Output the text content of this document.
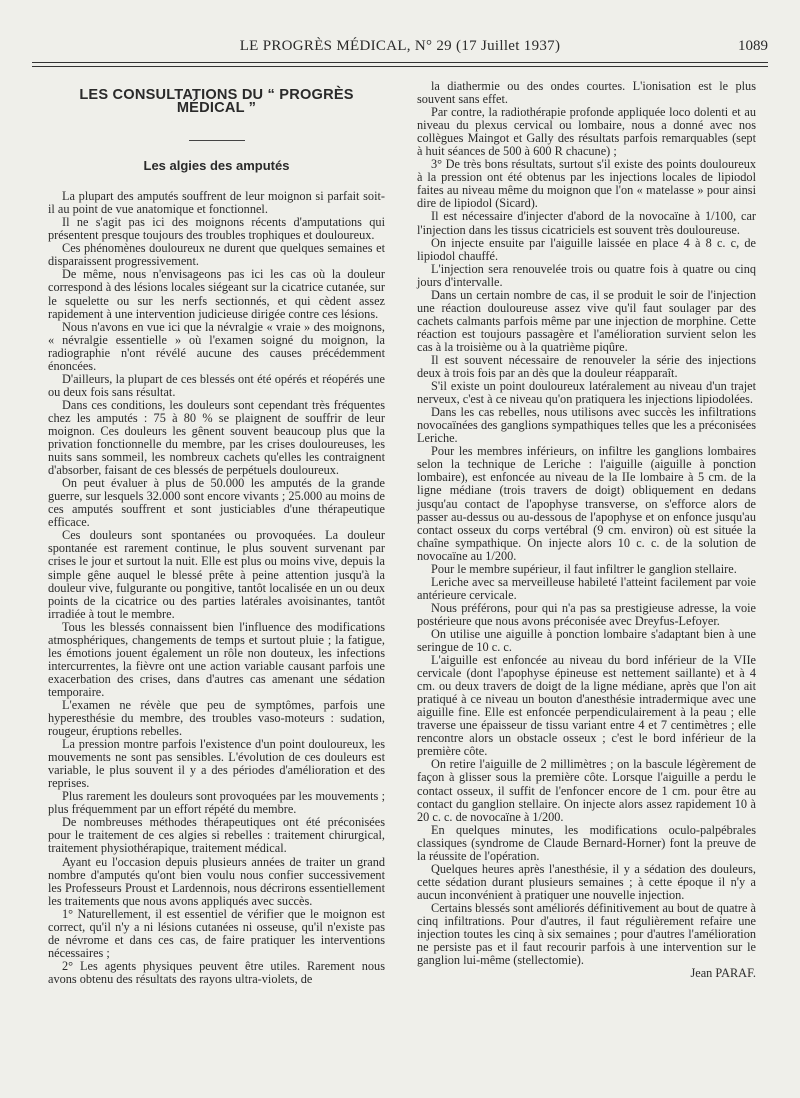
LE PROGRÈS MÉDICAL, N° 29 (17 Juillet 1937)	1089
LES CONSULTATIONS DU “ PROGRÈS MÉDICAL ”
Les algies des amputés

La plupart des amputés souffrent de leur moignon si parfait soit-il au point de vue anatomique et fonctionnel.

Il ne s'agit pas ici des moignons récents d'amputations qui présentent presque toujours des troubles trophiques et douloureux.

Ces phénomènes douloureux ne durent que quelques semaines et disparaissent progressivement.

De même, nous n'envisageons pas ici les cas où la douleur correspond à des lésions locales siégeant sur la cicatrice cutanée, sur le squelette ou sur les nerfs sectionnés, et qui cèdent assez rapidement à une intervention judicieuse dirigée contre ces lésions.

Nous n'avons en vue ici que la névralgie « vraie » des moignons, « névralgie essentielle » où l'examen soigné du moignon, la radiographie n'ont révélé aucune des causes précédemment énoncées.

D'ailleurs, la plupart de ces blessés ont été opérés et réopérés une ou deux fois sans résultat.

Dans ces conditions, les douleurs sont cependant très fréquentes chez les amputés : 75 à 80 % se plaignent de souffrir de leur moignon. Ces douleurs les gênent souvent beaucoup plus que la privation fonctionnelle du membre, par les crises douloureuses, les nuits sans sommeil, les nombreux cachets qu'elles les contraignent d'absorber, faisant de ces blessés de perpétuels douloureux.

On peut évaluer à plus de 50.000 les amputés de la grande guerre, sur lesquels 32.000 sont encore vivants ; 25.000 au moins de ces amputés souffrent et sont justiciables d'une thérapeutique efficace.

Ces douleurs sont spontanées ou provoquées. La douleur spontanée est rarement continue, le plus souvent survenant par crises le jour et surtout la nuit. Elle est plus ou moins vive, depuis la simple gêne auquel le blessé prête à peine attention jusqu'à la douleur vive, fulgurante ou pongitive, tantôt localisée en un ou deux points de la cicatrice ou des parties latérales avoisinantes, tantôt irradiée à tout le membre.

Tous les blessés connaissent bien l'influence des modifications atmosphériques, changements de temps et surtout pluie ; la fatigue, les émotions jouent également un rôle non douteux, les infections intercurrentes, la fièvre ont une action variable causant parfois une exacerbation des crises, dans d'autres cas amenant une sédation temporaire.

L'examen ne révèle que peu de symptômes, parfois une hyperesthésie du membre, des troubles vaso-moteurs : sudation, rougeur, éruptions rebelles.

La pression montre parfois l'existence d'un point douloureux, les mouvements ne sont pas sensibles. L'évolution de ces douleurs est variable, le plus souvent il y a des périodes d'amélioration et des reprises.

Plus rarement les douleurs sont provoquées par les mouvements ; plus fréquemment par un effort répété du membre.

De nombreuses méthodes thérapeutiques ont été préconisées pour le traitement de ces algies si rebelles : traitement chirurgical, traitement physiothérapique, traitement médical.

Ayant eu l'occasion depuis plusieurs années de traiter un grand nombre d'amputés qu'ont bien voulu nous confier successivement les Professeurs Proust et Lardennois, nous décrirons essentiellement les traitements que nous avons appliqués avec succès.

1° Naturellement, il est essentiel de vérifier que le moignon est correct, qu'il n'y a ni lésions cutanées ni osseuse, qu'il n'existe pas de névrome et dans ces cas, de faire pratiquer les interventions nécessaires ;

2° Les agents physiques peuvent être utiles. Rarement nous avons obtenu des résultats des rayons ultra-violets, de

la diathermie ou des ondes courtes. L'ionisation est le plus souvent sans effet.

Par contre, la radiothérapie profonde appliquée loco dolenti et au niveau du plexus cervical ou lombaire, nous a donné avec nos collègues Maingot et Gally des résultats parfois remarquables (sept à huit séances de 500 à 600 R chacune) ;

3° De très bons résultats, surtout s'il existe des points douloureux à la pression ont été obtenus par les injections locales de lipiodol faites au niveau même du moignon que l'on « matelasse » pour ainsi dire de lipiodol (Sicard).

Il est nécessaire d'injecter d'abord de la novocaïne à 1/100, car l'injection dans les tissus cicatriciels est souvent très douloureuse.

On injecte ensuite par l'aiguille laissée en place 4 à 8 c. c, de lipiodol chauffé.

L'injection sera renouvelée trois ou quatre fois à quatre ou cinq jours d'intervalle.

Dans un certain nombre de cas, il se produit le soir de l'injection une réaction douloureuse assez vive qu'il faut soulager par des cachets calmants parfois même par une injection de morphine. Cette réaction est toujours passagère et l'amélioration survient selon les cas à la troisième ou à la quatrième piqûre.

Il est souvent nécessaire de renouveler la série des injections deux à trois fois par an dès que la douleur réapparaît.

S'il existe un point douloureux latéralement au niveau d'un trajet nerveux, c'est à ce niveau qu'on pratiquera les injections lipiodolées.

Dans les cas rebelles, nous utilisons avec succès les infiltrations novocaïnées des ganglions sympathiques telles que les a préconisées Leriche.

Pour les membres inférieurs, on infiltre les ganglions lombaires selon la technique de Leriche : l'aiguille (aiguille à ponction lombaire), est enfoncée au niveau de la IIe lombaire à 5 cm. de la ligne médiane (trois travers de doigt) obliquement en dedans jusqu'au contact de l'apophyse transverse, on s'efforce alors de passer au-dessus ou au-dessous de l'apophyse et on enfonce jusqu'au contact osseux du corps vertébral (9 cm. environ) où est située la chaîne sympathique. On injecte alors 10 c. c. de la solution de novocaïne au 1/200.

Pour le membre supérieur, il faut infiltrer le ganglion stellaire.

Leriche avec sa merveilleuse habileté l'atteint facilement par voie antérieure cervicale.

Nous préférons, pour qui n'a pas sa prestigieuse adresse, la voie postérieure que nous avons préconisée avec Dreyfus-Lefoyer.

On utilise une aiguille à ponction lombaire s'adaptant bien à une seringue de 10 c. c.

L'aiguille est enfoncée au niveau du bord inférieur de la VIIe cervicale (dont l'apophyse épineuse est nettement saillante) et à 4 cm. ou deux travers de doigt de la ligne médiane, après que l'on ait pratiqué à ce niveau un bouton d'anesthésie intradermique avec une aiguille fine. Elle est enfoncée perpendiculairement à la peau ; elle traverse une épaisseur de tissu variant entre 4 et 7 centimètres ; elle rencontre alors un obstacle osseux ; c'est le bord inférieur de la première côte.

On retire l'aiguille de 2 millimètres ; on la bascule légèrement de façon à glisser sous la première côte. Lorsque l'aiguille a perdu le contact osseux, il suffit de l'enfoncer encore de 1 cm. pour être au contact du ganglion stellaire. On injecte alors assez rapidement 10 à 20 c. c. de novocaïne à 1/200.

En quelques minutes, les modifications oculo-palpébrales classiques (syndrome de Claude Bernard-Horner) font la preuve de la réussite de l'opération.

Quelques heures après l'anesthésie, il y a sédation des douleurs, cette sédation durant plusieurs semaines ; à cette époque il n'y a aucun inconvénient à pratiquer une nouvelle injection.

Certains blessés sont améliorés définitivement au bout de quatre à cinq infiltrations. Pour d'autres, il faut régulièrement refaire une injection toutes les cinq à six semaines ; pour d'autres l'amélioration ne persiste pas et il faut recourir parfois à une intervention sur le ganglion lui-même (stellectomie).

Jean PARAF.
